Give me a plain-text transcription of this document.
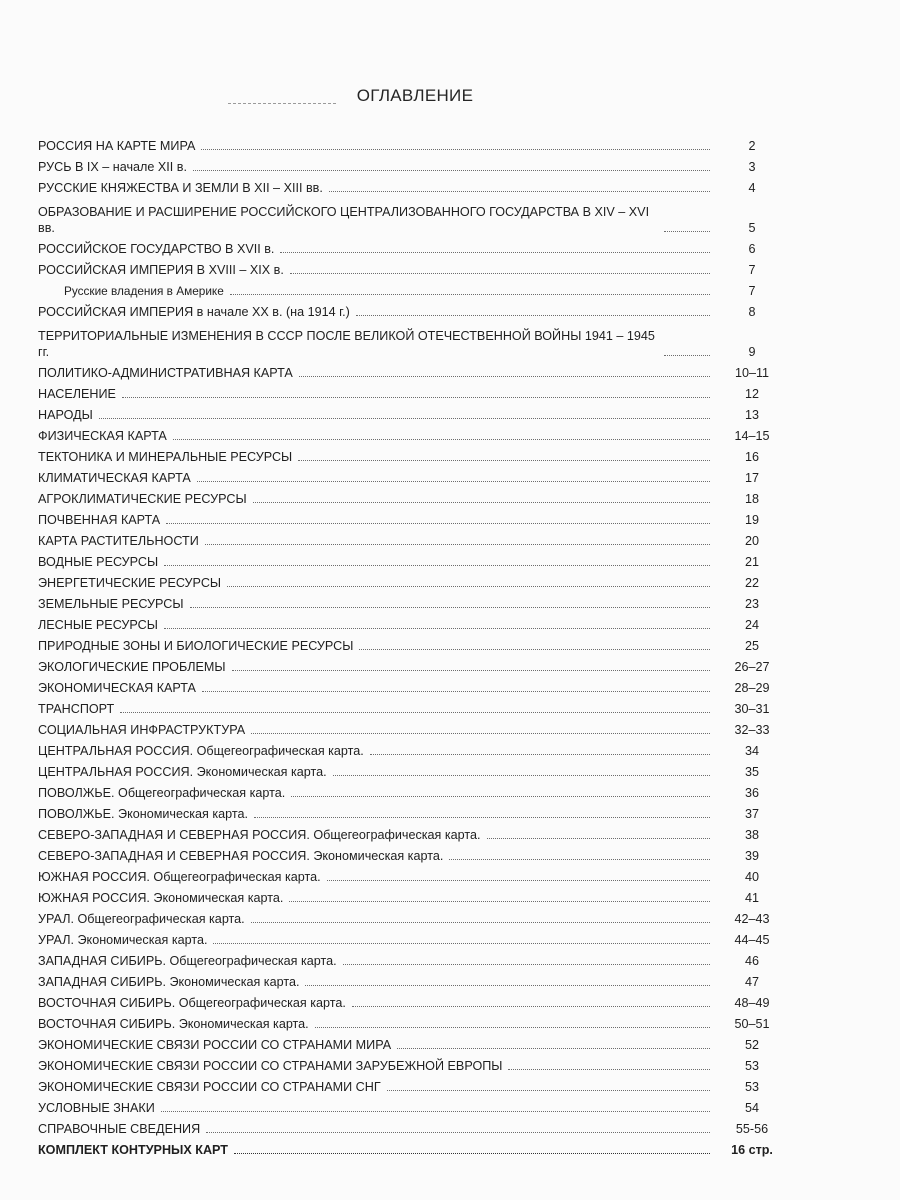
ОГЛАВЛЕНИЕ
РОССИЯ НА КАРТЕ МИРА	2
РУСЬ В IX – начале XII в.	3
РУССКИЕ КНЯЖЕСТВА И ЗЕМЛИ В XII – XIII вв.	4
ОБРАЗОВАНИЕ И РАСШИРЕНИЕ РОССИЙСКОГО ЦЕНТРАЛИЗОВАННОГО ГОСУДАРСТВА В XIV – XVI вв.	5
РОССИЙСКОЕ ГОСУДАРСТВО В XVII в.	6
РОССИЙСКАЯ ИМПЕРИЯ В XVIII – XIX в.	7
Русские владения в Америке	7
РОССИЙСКАЯ ИМПЕРИЯ в начале XX в. (на 1914 г.)	8
ТЕРРИТОРИАЛЬНЫЕ ИЗМЕНЕНИЯ В СССР ПОСЛЕ ВЕЛИКОЙ ОТЕЧЕСТВЕННОЙ ВОЙНЫ 1941 – 1945 гг.	9
ПОЛИТИКО-АДМИНИСТРАТИВНАЯ КАРТА	10–11
НАСЕЛЕНИЕ	12
НАРОДЫ	13
ФИЗИЧЕСКАЯ КАРТА	14–15
ТЕКТОНИКА И МИНЕРАЛЬНЫЕ РЕСУРСЫ	16
КЛИМАТИЧЕСКАЯ КАРТА	17
АГРОКЛИМАТИЧЕСКИЕ РЕСУРСЫ	18
ПОЧВЕННАЯ КАРТА	19
КАРТА РАСТИТЕЛЬНОСТИ	20
ВОДНЫЕ РЕСУРСЫ	21
ЭНЕРГЕТИЧЕСКИЕ РЕСУРСЫ	22
ЗЕМЕЛЬНЫЕ РЕСУРСЫ	23
ЛЕСНЫЕ РЕСУРСЫ	24
ПРИРОДНЫЕ ЗОНЫ И БИОЛОГИЧЕСКИЕ РЕСУРСЫ	25
ЭКОЛОГИЧЕСКИЕ ПРОБЛЕМЫ	26–27
ЭКОНОМИЧЕСКАЯ КАРТА	28–29
ТРАНСПОРТ	30–31
СОЦИАЛЬНАЯ ИНФРАСТРУКТУРА	32–33
ЦЕНТРАЛЬНАЯ РОССИЯ. Общегеографическая карта.	34
ЦЕНТРАЛЬНАЯ РОССИЯ. Экономическая карта.	35
ПОВОЛЖЬЕ. Общегеографическая карта.	36
ПОВОЛЖЬЕ. Экономическая карта.	37
СЕВЕРО-ЗАПАДНАЯ И СЕВЕРНАЯ РОССИЯ. Общегеографическая карта.	38
СЕВЕРО-ЗАПАДНАЯ И СЕВЕРНАЯ РОССИЯ. Экономическая карта.	39
ЮЖНАЯ РОССИЯ. Общегеографическая карта.	40
ЮЖНАЯ РОССИЯ. Экономическая карта.	41
УРАЛ. Общегеографическая карта.	42–43
УРАЛ. Экономическая карта.	44–45
ЗАПАДНАЯ СИБИРЬ. Общегеографическая карта.	46
ЗАПАДНАЯ СИБИРЬ. Экономическая карта.	47
ВОСТОЧНАЯ СИБИРЬ. Общегеографическая карта.	48–49
ВОСТОЧНАЯ СИБИРЬ. Экономическая карта.	50–51
ЭКОНОМИЧЕСКИЕ СВЯЗИ РОССИИ СО СТРАНАМИ МИРА	52
ЭКОНОМИЧЕСКИЕ СВЯЗИ РОССИИ СО СТРАНАМИ ЗАРУБЕЖНОЙ ЕВРОПЫ	53
ЭКОНОМИЧЕСКИЕ СВЯЗИ РОССИИ СО СТРАНАМИ СНГ	53
УСЛОВНЫЕ ЗНАКИ	54
СПРАВОЧНЫЕ СВЕДЕНИЯ	55-56
КОМПЛЕКТ КОНТУРНЫХ КАРТ	16 стр.
